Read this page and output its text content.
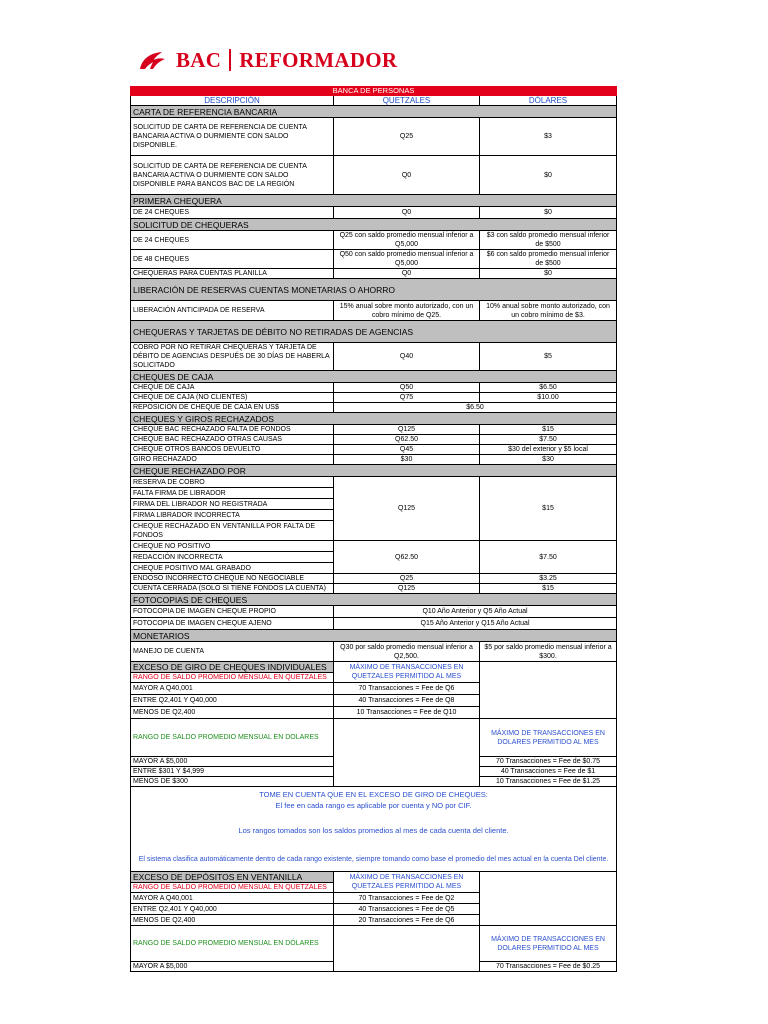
BAC REFORMADOR
BANCA DE PERSONAS		
DESCRIPCIÓN	QUETZALES	DÓLARES
CARTA DE REFERENCIA BANCARIA		
SOLICITUD DE CARTA DE REFERENCIA DE CUENTA BANCARIA ACTIVA O DURMIENTE CON SALDO DISPONIBLE.	Q25	$3
SOLICITUD DE CARTA DE REFERENCIA DE CUENTA BANCARIA ACTIVA O DURMIENTE CON SALDO DISPONIBLE PARA BANCOS BAC DE LA REGIÓN	Q0	$0
PRIMERA CHEQUERA		
DE 24 CHEQUES	Q0	$0
SOLICITUD DE CHEQUERAS		
DE 24 CHEQUES	Q25 con saldo promedio mensual inferior a Q5,000	$3 con saldo promedio mensual inferior de $500
DE 48 CHEQUES	Q50 con saldo promedio mensual inferior a Q5,000	$6 con saldo promedio mensual inferior de $500
CHEQUERAS PARA CUENTAS PLANILLA	Q0	$0
LIBERACIÓN DE RESERVAS CUENTAS MONETARIAS O AHORRO		
LIBERACIÓN ANTICIPADA DE RESERVA	15% anual sobre monto autorizado, con un cobro mínimo de Q25.	10% anual sobre monto autorizado, con un cobro mínimo de $3.
CHEQUERAS Y TARJETAS DE DÉBITO NO RETIRADAS DE AGENCIAS		
COBRO POR NO RETIRAR CHEQUERAS Y TARJETA DE DÉBITO DE AGENCIAS DESPUÉS DE 30 DÍAS DE HABERLA SOLICITADO	Q40	$5
CHEQUES DE CAJA		
CHEQUE DE CAJA	Q50	$6.50
CHEQUE DE CAJA (NO CLIENTES)	Q75	$10.00
REPOSICIÓN DE CHEQUE DE CAJA EN US$	$6.50	
CHEQUES Y GIROS RECHAZADOS		
CHEQUE BAC RECHAZADO FALTA DE FONDOS	Q125	$15
CHEQUE BAC RECHAZADO OTRAS CAUSAS	Q62.50	$7.50
CHEQUE OTROS BANCOS DEVUELTO	Q45	$30 del exterior y $5 local
GIRO RECHAZADO	$30	$30
CHEQUE RECHAZADO POR		
RESERVA DE COBRO	Q125	$15
FALTA FIRMA DE LIBRADOR		
FIRMA DEL LIBRADOR NO REGISTRADA		
FIRMA LIBRADOR INCORRECTA		
CHEQUE RECHAZADO EN VENTANILLA POR FALTA DE FONDOS		
CHEQUE NO POSITIVO	Q62.50	$7.50
REDACCIÓN INCORRECTA		
CHEQUE POSITIVO MAL GRABADO		
ENDOSO INCORRECTO CHEQUE NO NEGOCIABLE	Q25	$3.25
CUENTA CERRADA (SOLO SI TIENE FONDOS LA CUENTA)	Q125	$15
FOTOCOPIAS DE CHEQUES		
FOTOCOPIA DE IMAGEN CHEQUE PROPIO	Q10 Año Anterior y Q5 Año Actual	
FOTOCOPIA DE IMAGEN CHEQUE AJENO	Q15 Año Anterior y Q15 Año Actual	
MONETARIOS		
MANEJO DE CUENTA	Q30 por saldo promedio mensual inferior a Q2,500.	$5 por saldo promedio mensual inferior a $300.
EXCESO DE GIRO DE CHEQUES INDIVIDUALES	MÁXIMO DE TRANSACCIONES EN QUETZALES PERMITIDO AL MES	
RANGO DE SALDO PROMEDIO MENSUAL EN QUETZALES		
MAYOR A Q40,001	70 Transacciones = Fee de Q6	
ENTRE Q2,401 Y Q40,000	40 Transacciones = Fee de Q8	
MENOS DE Q2,400	10 Transacciones = Fee de Q10	
RANGO DE SALDO PROMEDIO MENSUAL EN DOLARES		MÁXIMO DE TRANSACCIONES EN DOLARES PERMITIDO AL MES
MAYOR A $5,000		70 Transacciones = Fee de $0.75
ENTRE $301 Y $4,999		40 Transacciones = Fee de $1
MENOS DE $300		10 Transacciones = Fee de $1.25

TOME EN CUENTA QUE EN EL EXCESO DE GIRO DE CHEQUES:
El fee en cada rango es aplicable por cuenta y NO por CIF.
Los rangos tomados son los saldos promedios al mes de cada cuenta del cliente.
El sistema clasifica automáticamente dentro de cada rango existente, siempre tomando como base el promedio del mes actual en la cuenta Del cliente.		

EXCESO DE DEPÓSITOS EN VENTANILLA	MÁXIMO DE TRANSACCIONES EN QUETZALES PERMITIDO AL MES	
RANGO DE SALDO PROMEDIO MENSUAL EN QUETZALES		
MAYOR A Q40,001	70 Transacciones = Fee de Q2	
ENTRE Q2,401 Y Q40,000	40 Transacciones = Fee de Q5	
MENOS DE Q2,400	20 Transacciones = Fee de Q6	
RANGO DE SALDO PROMEDIO MENSUAL EN DÓLARES		MÁXIMO DE TRANSACCIONES EN DOLARES PERMITIDO AL MES
MAYOR A $5,000		70 Transacciones = Fee de $0.25
